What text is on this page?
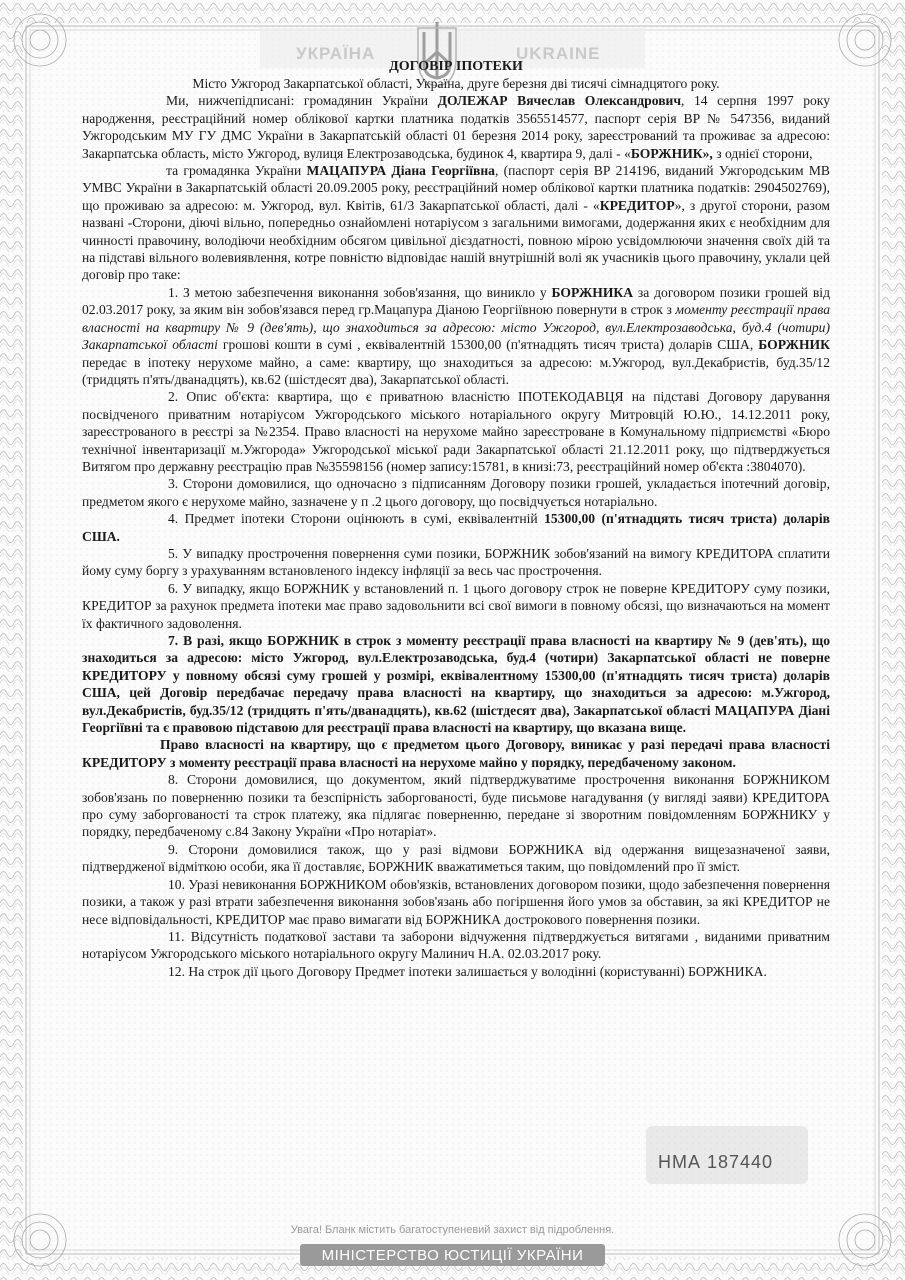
УКРАЇНА	UKRAINE

ДОГОВІР ІПОТЕКИ

Місто Ужгород Закарпатської області, Україна, друге березня дві тисячі сімнадцятого року.

Ми, нижчепідписані: громадянин України ДОЛЕЖАР Вячеслав Олександрович, 14 серпня 1997 року народження, реєстраційний номер облікової картки платника податків 3565514577, паспорт серія ВР № 547356, виданий Ужгородським МУ ГУ ДМС України в Закарпатській області 01 березня 2014 року, зареєстрований та проживає за адресою: Закарпатська область, місто Ужгород, вулиця Електрозаводська, будинок 4, квартира 9, далі - «БОРЖНИК», з однієї сторони,

та громадянка України МАЦАПУРА Діана Георгіївна, (паспорт серія ВР 214196, виданий Ужгородським МВ УМВС України в Закарпатській області 20.09.2005 року, реєстраційний номер облікової картки платника податків: 2904502769), що проживаю за адресою: м. Ужгород, вул. Квітів, 61/3 Закарпатської області, далі - «КРЕДИТОР», з другої сторони, разом названі -Сторони, діючі вільно, попередньо ознайомлені нотаріусом з загальними вимогами, додержання яких є необхідним для чинності правочину, володіючи необхідним обсягом цивільної дієздатності, повною мірою усвідомлюючи значення своїх дій та на підставі вільного волевиявлення, котре повністю відповідає нашій внутрішній волі як учасників цього правочину, уклали цей договір про таке:

1. З метою забезпечення виконання зобов'язання, що виникло у БОРЖНИКА за договором позики грошей від 02.03.2017 року, за яким він зобов'язався перед гр.Мацапура Діаною Георгіївною повернути в строк з моменту реєстрації права власності на квартиру № 9 (дев'ять), що знаходиться за адресою: місто Ужгород, вул.Електрозаводська, буд.4 (чотири) Закарпатської області грошові кошти в сумі , еквівалентній 15300,00 (п'ятнадцять тисяч триста) доларів США, БОРЖНИК передає в іпотеку нерухоме майно, а саме: квартиру, що знаходиться за адресою: м.Ужгород, вул.Декабристів, буд.35/12 (тридцять п'ять/дванадцять), кв.62 (шістдесят два), Закарпатської області.

2. Опис об'єкта: квартира, що є приватною власністю ІПОТЕКОДАВЦЯ на підставі Договору дарування посвідченого приватним нотаріусом Ужгородського міського нотаріального округу Митровцій Ю.Ю., 14.12.2011 року, зареєстрованого в реєстрі за №2354. Право власності на нерухоме майно зареєстроване в Комунальному підприємстві «Бюро технічної інвентаризації м.Ужгорода» Ужгородської міської ради Закарпатської області 21.12.2011 року, що підтверджується Витягом про державну реєстрацію прав №35598156 (номер запису:15781, в книзі:73, реєстраційний номер об'єкта :3804070).

3. Сторони домовилися, що одночасно з підписанням Договору позики грошей, укладається іпотечний договір, предметом якого є нерухоме майно, зазначене у п .2 цього договору, що посвідчується нотаріально.

4. Предмет іпотеки Сторони оцінюють в сумі, еквівалентній 15300,00 (п'ятнадцять тисяч триста) доларів США.

5. У випадку прострочення повернення суми позики, БОРЖНИК зобов'язаний на вимогу КРЕДИТОРА сплатити йому суму боргу з урахуванням встановленого індексу інфляції за весь час прострочення.

6. У випадку, якщо БОРЖНИК у встановлений п. 1 цього договору строк не поверне КРЕДИТОРУ суму позики, КРЕДИТОР за рахунок предмета іпотеки має право задовольнити всі свої вимоги в повному обсязі, що визначаються на момент їх фактичного задоволення.

7. В разі, якщо БОРЖНИК в строк з моменту реєстрації права власності на квартиру № 9 (дев'ять), що знаходиться за адресою: місто Ужгород, вул.Електрозаводська, буд.4 (чотири) Закарпатської області не поверне КРЕДИТОРУ у повному обсязі суму грошей у розмірі, еквівалентному 15300,00 (п'ятнадцять тисяч триста) доларів США, цей Договір передбачає передачу права власності на квартиру, що знаходиться за адресою: м.Ужгород, вул.Декабристів, буд.35/12 (тридцять п'ять/дванадцять), кв.62 (шістдесят два), Закарпатської області МАЦАПУРА Діані Георгіївні та є правовою підставою для реєстрації права власності на квартиру, що вказана вище.

Право власності на квартиру, що є предметом цього Договору, виникає у разі передачі права власності КРЕДИТОРУ з моменту реєстрації права власності на нерухоме майно у порядку, передбаченому законом.

8. Сторони домовилися, що документом, який підтверджуватиме прострочення виконання БОРЖНИКОМ зобов'язань по поверненню позики та безспірність заборгованості, буде письмове нагадування (у вигляді заяви) КРЕДИТОРА про суму заборгованості та строк платежу, яка підлягає поверненню, передане зі зворотним повідомленням БОРЖНИКУ у порядку, передбаченому с.84 Закону України «Про нотаріат».

9. Сторони домовилися також, що у разі відмови БОРЖНИКА від одержання вищезазначеної заяви, підтвердженої відміткою особи, яка її доставляє, БОРЖНИК вважатиметься таким, що повідомлений про її зміст.

10. Уразі невиконання БОРЖНИКОМ обов'язків, встановлених договором позики, щодо забезпечення повернення позики, а також у разі втрати забезпечення виконання зобов'язань або погіршення його умов за обставин, за які КРЕДИТОР не несе відповідальності, КРЕДИТОР має право вимагати від БОРЖНИКА дострокового повернення позики.

11. Відсутність податкової застави та заборони відчуження підтверджується витягами , виданими приватним нотаріусом Ужгородського міського нотаріального округу Малинич Н.А. 02.03.2017 року.

12. На строк дії цього Договору Предмет іпотеки залишається у володінні (користуванні) БОРЖНИКА.

НМА 187440
Увага! Бланк містить багатоступеневий захист від підроблення.
МІНІСТЕРСТВО ЮСТИЦІЇ УКРАЇНИ
